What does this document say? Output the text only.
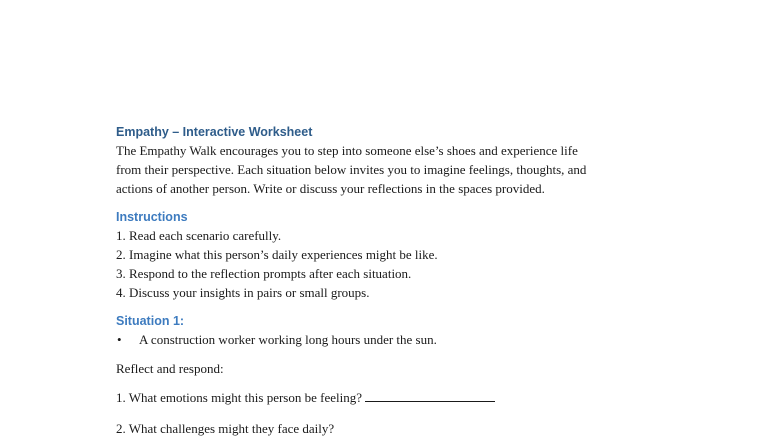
Empathy – Interactive Worksheet

The Empathy Walk encourages you to step into someone else’s shoes and experience life

from their perspective. Each situation below invites you to imagine feelings, thoughts, and

actions of another person. Write or discuss your reflections in the spaces provided.

Instructions

1. Read each scenario carefully.

2. Imagine what this person’s daily experiences might be like.

3. Respond to the reflection prompts after each situation.

4. Discuss your insights in pairs or small groups.

Situation 1:

•	A construction worker working long hours under the sun.

Reflect and respond:

1. What emotions might this person be feeling?

2. What challenges might they face daily?
